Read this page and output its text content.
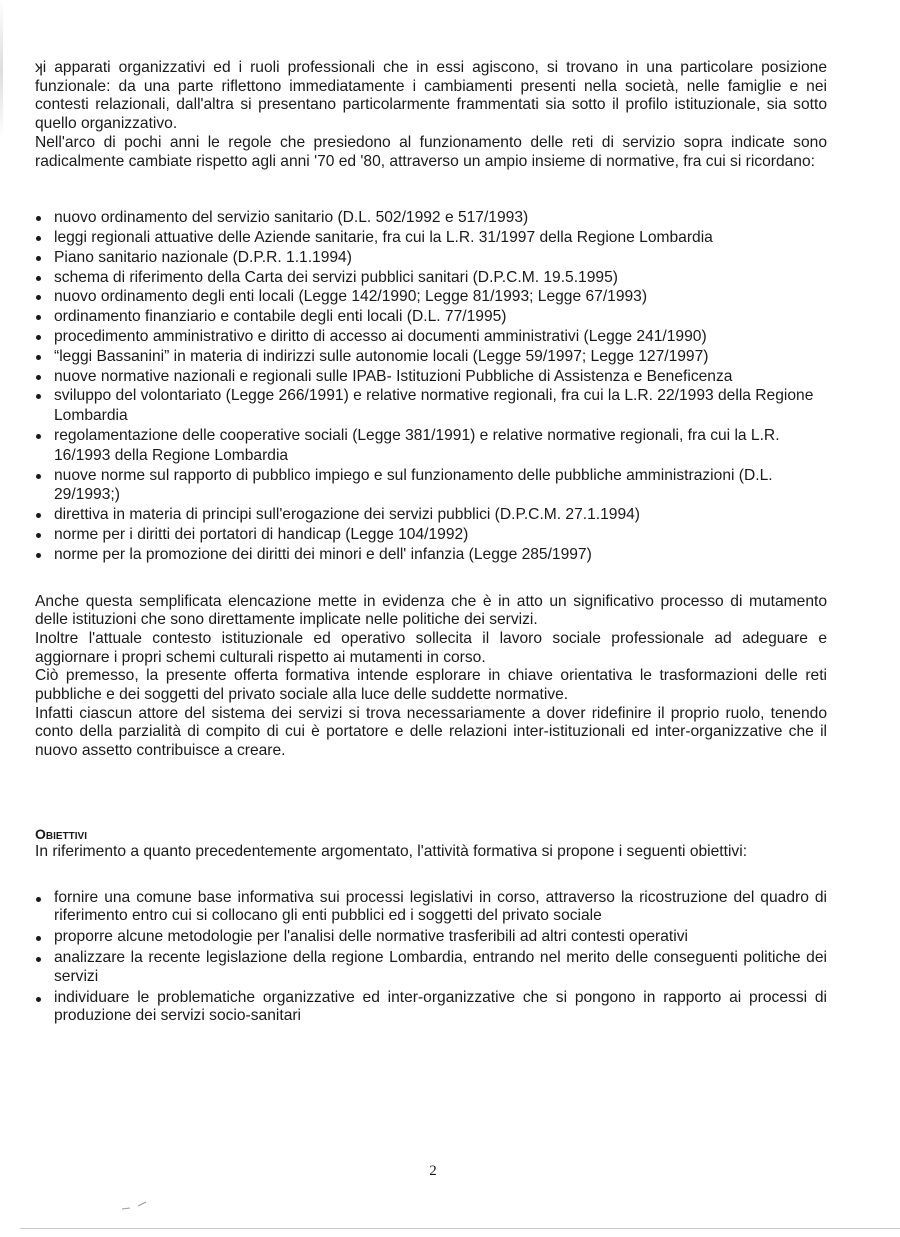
ʞi apparati organizzativi ed i ruoli professionali che in essi agiscono, si trovano in una particolare posizione funzionale: da una parte riflettono immediatamente i cambiamenti presenti nella società, nelle famiglie e nei contesti relazionali, dall'altra si presentano particolarmente frammentati sia sotto il profilo istituzionale, sia sotto quello organizzativo.

Nell'arco di pochi anni le regole che presiedono al funzionamento delle reti di servizio sopra indicate sono radicalmente cambiate rispetto agli anni '70 ed '80, attraverso un ampio insieme di normative, fra cui si ricordano:

nuovo ordinamento del servizio sanitario (D.L. 502/1992 e 517/1993)
leggi regionali attuative delle Aziende sanitarie, fra cui la L.R. 31/1997 della Regione Lombardia
Piano sanitario nazionale (D.P.R. 1.1.1994)
schema di riferimento della Carta dei servizi pubblici sanitari (D.P.C.M. 19.5.1995)
nuovo ordinamento degli enti locali (Legge 142/1990; Legge 81/1993; Legge 67/1993)
ordinamento finanziario e contabile degli enti locali (D.L. 77/1995)
procedimento amministrativo e diritto di accesso ai documenti amministrativi (Legge 241/1990)
“leggi Bassanini” in materia di indirizzi sulle autonomie locali (Legge 59/1997; Legge 127/1997)
nuove normative nazionali e regionali sulle IPAB- Istituzioni Pubbliche di Assistenza e Beneficenza
sviluppo del volontariato (Legge 266/1991) e relative normative regionali, fra cui la L.R. 22/1993 della Regione Lombardia
regolamentazione delle cooperative sociali (Legge 381/1991) e relative normative regionali, fra cui la L.R. 16/1993 della Regione Lombardia
nuove norme sul rapporto di pubblico impiego e sul funzionamento delle pubbliche amministrazioni (D.L. 29/1993;)
direttiva in materia di principi sull'erogazione dei servizi pubblici (D.P.C.M. 27.1.1994)
norme per i diritti dei portatori di handicap (Legge 104/1992)
norme per la promozione dei diritti dei minori e dell' infanzia (Legge 285/1997)

Anche questa semplificata elencazione mette in evidenza che è in atto un significativo processo di mutamento delle istituzioni che sono direttamente implicate nelle politiche dei servizi.

Inoltre l'attuale contesto istituzionale ed operativo sollecita il lavoro sociale professionale ad adeguare e aggiornare i propri schemi culturali rispetto ai mutamenti in corso.

Ciò premesso, la presente offerta formativa intende esplorare in chiave orientativa le trasformazioni delle reti pubbliche e dei soggetti del privato sociale alla luce delle suddette normative.

Infatti ciascun attore del sistema dei servizi si trova necessariamente a dover ridefinire il proprio ruolo, tenendo conto della parzialità di compito di cui è portatore e delle relazioni inter-istituzionali ed inter-organizzative che il nuovo assetto contribuisce a creare.

Obiettivi

In riferimento a quanto precedentemente argomentato, l'attività formativa si propone i seguenti obiettivi:

fornire una comune base informativa sui processi legislativi in corso, attraverso la ricostruzione del quadro di riferimento entro cui si collocano gli enti pubblici ed i soggetti del privato sociale
proporre alcune metodologie per l'analisi delle normative trasferibili ad altri contesti operativi
analizzare la recente legislazione della regione Lombardia, entrando nel merito delle conseguenti politiche dei servizi
individuare le problematiche organizzative ed inter-organizzative che si pongono in rapporto ai processi di produzione dei servizi socio-sanitari
2
